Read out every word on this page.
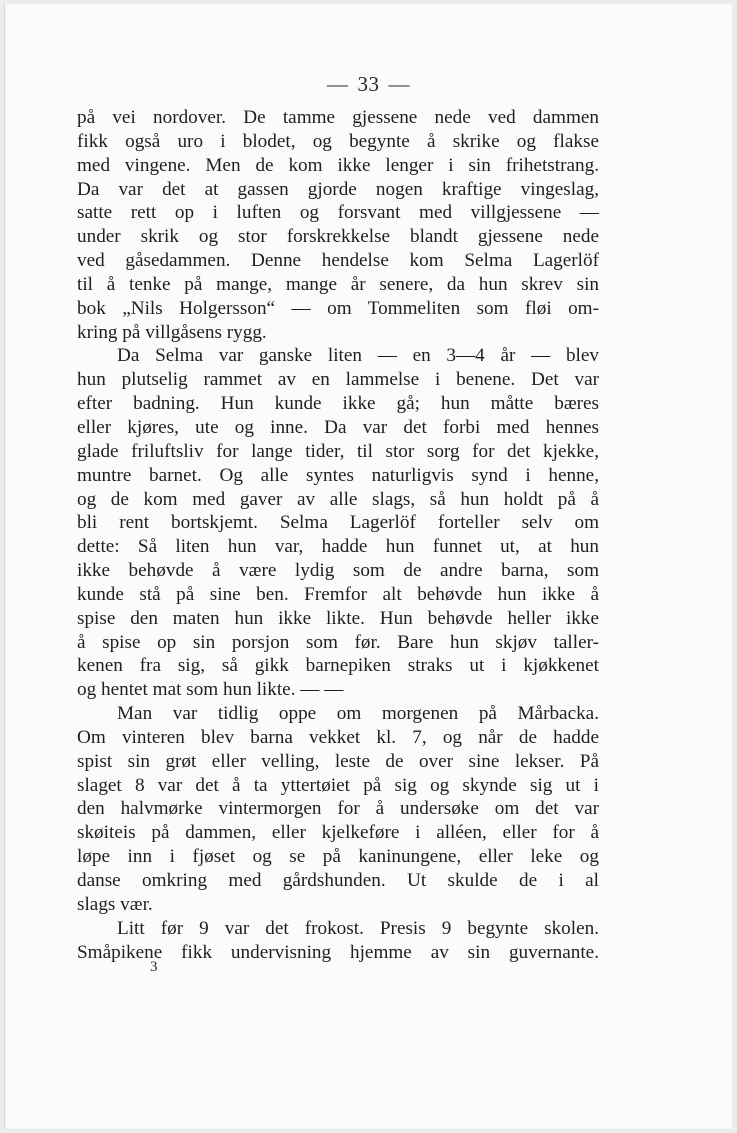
— 33 —
på vei nordover. De tamme gjessene nede ved dammen
fikk også uro i blodet, og begynte å skrike og flakse
med vingene. Men de kom ikke lenger i sin frihetstrang.
Da var det at gassen gjorde nogen kraftige vingeslag,
satte rett op i luften og forsvant med villgjessene —
under skrik og stor forskrekkelse blandt gjessene nede
ved gåsedammen. Denne hendelse kom Selma Lagerlöf
til å tenke på mange, mange år senere, da hun skrev sin
bok „Nils Holgersson“ — om Tommeliten som fløi om-
kring på villgåsens rygg.
Da Selma var ganske liten — en 3—4 år — blev
hun plutselig rammet av en lammelse i benene. Det var
efter badning. Hun kunde ikke gå; hun måtte bæres
eller kjøres, ute og inne. Da var det forbi med hennes
glade friluftsliv for lange tider, til stor sorg for det kjekke,
muntre barnet. Og alle syntes naturligvis synd i henne,
og de kom med gaver av alle slags, så hun holdt på å
bli rent bortskjemt. Selma Lagerlöf forteller selv om
dette: Så liten hun var, hadde hun funnet ut, at hun
ikke behøvde å være lydig som de andre barna, som
kunde stå på sine ben. Fremfor alt behøvde hun ikke å
spise den maten hun ikke likte. Hun behøvde heller ikke
å spise op sin porsjon som før. Bare hun skjøv taller-
kenen fra sig, så gikk barnepiken straks ut i kjøkkenet
og hentet mat som hun likte. — —
Man var tidlig oppe om morgenen på Mårbacka.
Om vinteren blev barna vekket kl. 7, og når de hadde
spist sin grøt eller velling, leste de over sine lekser. På
slaget 8 var det å ta yttertøiet på sig og skynde sig ut i
den halvmørke vintermorgen for å undersøke om det var
skøiteis på dammen, eller kjelkeføre i alléen, eller for å
løpe inn i fjøset og se på kaninungene, eller leke og
danse omkring med gårdshunden. Ut skulde de i al
slags vær.
Litt før 9 var det frokost. Presis 9 begynte skolen.
Småpikene fikk undervisning hjemme av sin guvernante.
3
